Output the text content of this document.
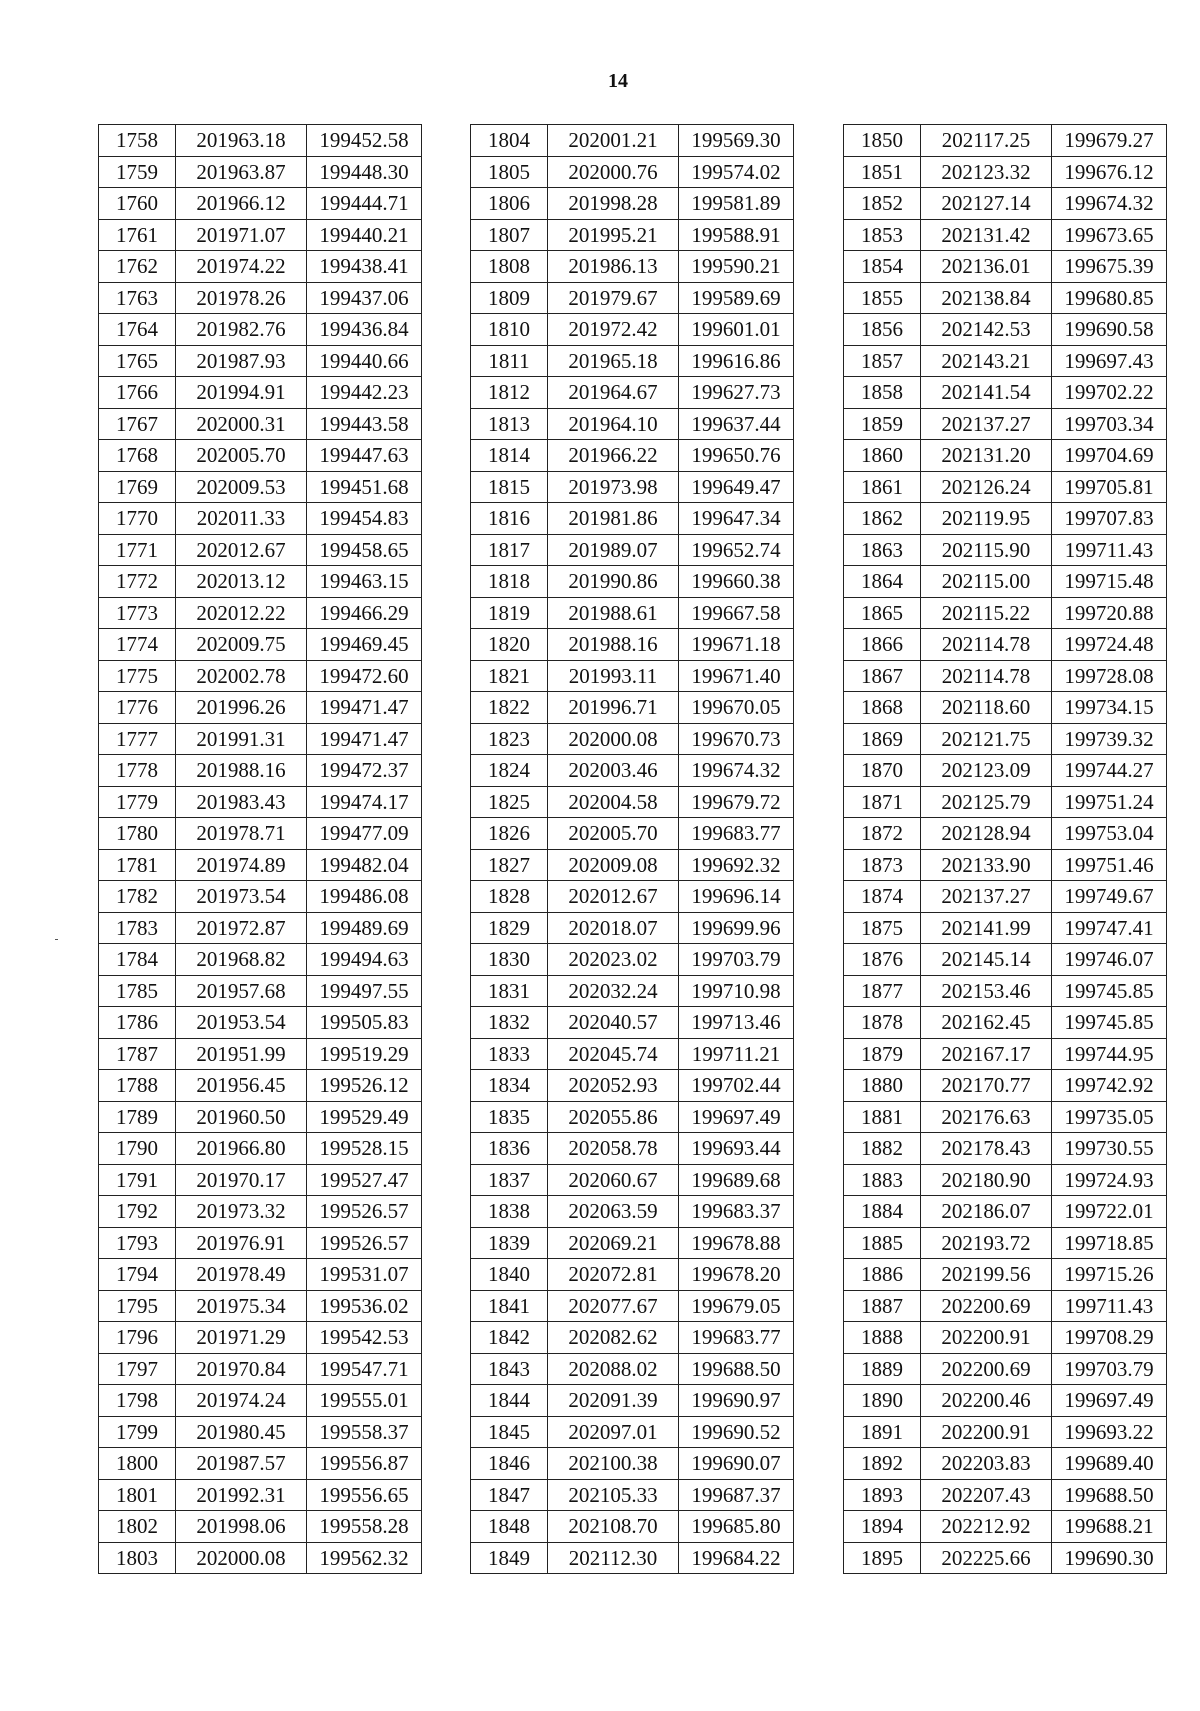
14
1758	201963.18	199452.58
1759	201963.87	199448.30
1760	201966.12	199444.71
1761	201971.07	199440.21
1762	201974.22	199438.41
1763	201978.26	199437.06
1764	201982.76	199436.84
1765	201987.93	199440.66
1766	201994.91	199442.23
1767	202000.31	199443.58
1768	202005.70	199447.63
1769	202009.53	199451.68
1770	202011.33	199454.83
1771	202012.67	199458.65
1772	202013.12	199463.15
1773	202012.22	199466.29
1774	202009.75	199469.45
1775	202002.78	199472.60
1776	201996.26	199471.47
1777	201991.31	199471.47
1778	201988.16	199472.37
1779	201983.43	199474.17
1780	201978.71	199477.09
1781	201974.89	199482.04
1782	201973.54	199486.08
1783	201972.87	199489.69
1784	201968.82	199494.63
1785	201957.68	199497.55
1786	201953.54	199505.83
1787	201951.99	199519.29
1788	201956.45	199526.12
1789	201960.50	199529.49
1790	201966.80	199528.15
1791	201970.17	199527.47
1792	201973.32	199526.57
1793	201976.91	199526.57
1794	201978.49	199531.07
1795	201975.34	199536.02
1796	201971.29	199542.53
1797	201970.84	199547.71
1798	201974.24	199555.01
1799	201980.45	199558.37
1800	201987.57	199556.87
1801	201992.31	199556.65
1802	201998.06	199558.28
1803	202000.08	199562.32
1804	202001.21	199569.30
1805	202000.76	199574.02
1806	201998.28	199581.89
1807	201995.21	199588.91
1808	201986.13	199590.21
1809	201979.67	199589.69
1810	201972.42	199601.01
1811	201965.18	199616.86
1812	201964.67	199627.73
1813	201964.10	199637.44
1814	201966.22	199650.76
1815	201973.98	199649.47
1816	201981.86	199647.34
1817	201989.07	199652.74
1818	201990.86	199660.38
1819	201988.61	199667.58
1820	201988.16	199671.18
1821	201993.11	199671.40
1822	201996.71	199670.05
1823	202000.08	199670.73
1824	202003.46	199674.32
1825	202004.58	199679.72
1826	202005.70	199683.77
1827	202009.08	199692.32
1828	202012.67	199696.14
1829	202018.07	199699.96
1830	202023.02	199703.79
1831	202032.24	199710.98
1832	202040.57	199713.46
1833	202045.74	199711.21
1834	202052.93	199702.44
1835	202055.86	199697.49
1836	202058.78	199693.44
1837	202060.67	199689.68
1838	202063.59	199683.37
1839	202069.21	199678.88
1840	202072.81	199678.20
1841	202077.67	199679.05
1842	202082.62	199683.77
1843	202088.02	199688.50
1844	202091.39	199690.97
1845	202097.01	199690.52
1846	202100.38	199690.07
1847	202105.33	199687.37
1848	202108.70	199685.80
1849	202112.30	199684.22
1850	202117.25	199679.27
1851	202123.32	199676.12
1852	202127.14	199674.32
1853	202131.42	199673.65
1854	202136.01	199675.39
1855	202138.84	199680.85
1856	202142.53	199690.58
1857	202143.21	199697.43
1858	202141.54	199702.22
1859	202137.27	199703.34
1860	202131.20	199704.69
1861	202126.24	199705.81
1862	202119.95	199707.83
1863	202115.90	199711.43
1864	202115.00	199715.48
1865	202115.22	199720.88
1866	202114.78	199724.48
1867	202114.78	199728.08
1868	202118.60	199734.15
1869	202121.75	199739.32
1870	202123.09	199744.27
1871	202125.79	199751.24
1872	202128.94	199753.04
1873	202133.90	199751.46
1874	202137.27	199749.67
1875	202141.99	199747.41
1876	202145.14	199746.07
1877	202153.46	199745.85
1878	202162.45	199745.85
1879	202167.17	199744.95
1880	202170.77	199742.92
1881	202176.63	199735.05
1882	202178.43	199730.55
1883	202180.90	199724.93
1884	202186.07	199722.01
1885	202193.72	199718.85
1886	202199.56	199715.26
1887	202200.69	199711.43
1888	202200.91	199708.29
1889	202200.69	199703.79
1890	202200.46	199697.49
1891	202200.91	199693.22
1892	202203.83	199689.40
1893	202207.43	199688.50
1894	202212.92	199688.21
1895	202225.66	199690.30
